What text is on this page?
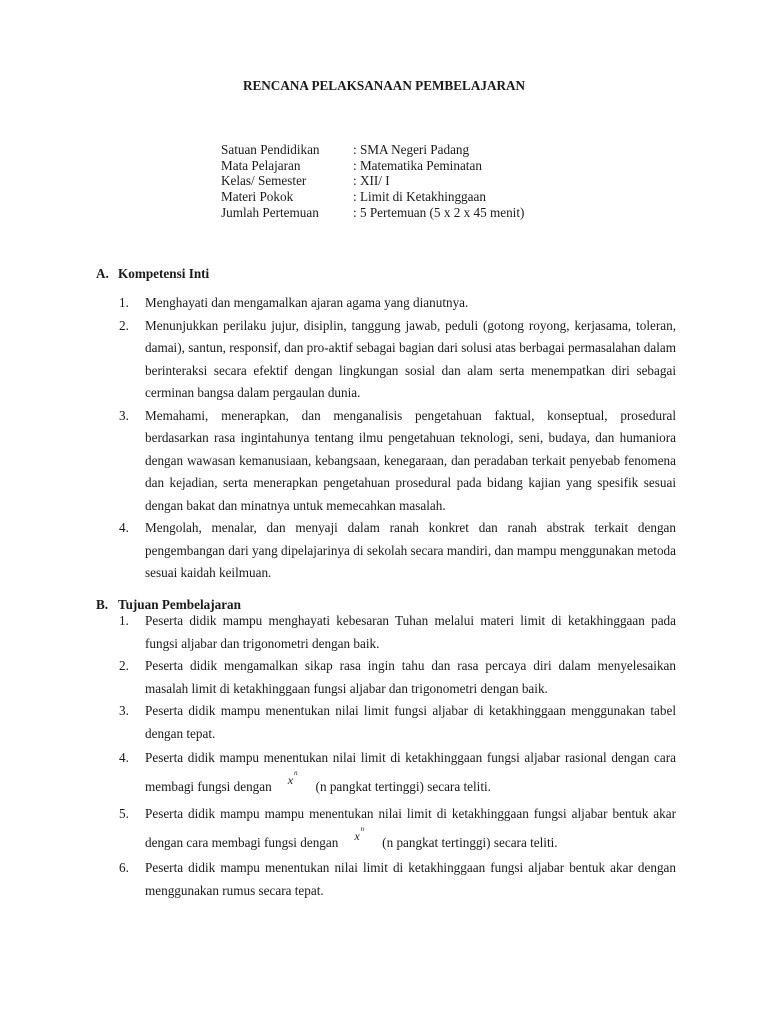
RENCANA PELAKSANAAN PEMBELAJARAN
Satuan Pendidikan	: SMA Negeri Padang
Mata Pelajaran	: Matematika Peminatan
Kelas/ Semester	: XII/ I
Materi Pokok	: Limit di Ketakhinggaan
Jumlah Pertemuan	: 5 Pertemuan (5 x 2 x 45 menit)
A. Kompetensi Inti
1. Menghayati dan mengamalkan ajaran agama yang dianutnya.
2. Menunjukkan perilaku jujur, disiplin, tanggung jawab, peduli (gotong royong, kerjasama, toleran, damai), santun, responsif, dan pro-aktif sebagai bagian dari solusi atas berbagai permasalahan dalam berinteraksi secara efektif dengan lingkungan sosial dan alam serta menempatkan diri sebagai cerminan bangsa dalam pergaulan dunia.
3. Memahami, menerapkan, dan menganalisis pengetahuan faktual, konseptual, prosedural berdasarkan rasa ingintahunya tentang ilmu pengetahuan teknologi, seni, budaya, dan humaniora dengan wawasan kemanusiaan, kebangsaan, kenegaraan, dan peradaban terkait penyebab fenomena dan kejadian, serta menerapkan pengetahuan prosedural pada bidang kajian yang spesifik sesuai dengan bakat dan minatnya untuk memecahkan masalah.
4. Mengolah, menalar, dan menyaji dalam ranah konkret dan ranah abstrak terkait dengan pengembangan dari yang dipelajarinya di sekolah secara mandiri, dan mampu menggunakan metoda sesuai kaidah keilmuan.
B. Tujuan Pembelajaran
1. Peserta didik mampu menghayati kebesaran Tuhan melalui materi limit di ketakhinggaan pada fungsi aljabar dan trigonometri dengan baik.
2. Peserta didik mengamalkan sikap rasa ingin tahu dan rasa percaya diri dalam menyelesaikan masalah limit di ketakhinggaan fungsi aljabar dan trigonometri dengan baik.
3. Peserta didik mampu menentukan nilai limit fungsi aljabar di ketakhinggaan menggunakan tabel dengan tepat.
4. Peserta didik mampu menentukan nilai limit di ketakhinggaan fungsi aljabar rasional dengan cara membagi fungsi dengan $x^n(n$ pangkat tertinggi) secara teliti.
5. Peserta didik mampu mampu menentukan nilai limit di ketakhinggaan fungsi aljabar bentuk akar dengan cara membagi fungsi dengan $x^n(n$ pangkat tertinggi) secara teliti.
6. Peserta didik mampu menentukan nilai limit di ketakhinggaan fungsi aljabar bentuk akar dengan menggunakan rumus secara tepat.
